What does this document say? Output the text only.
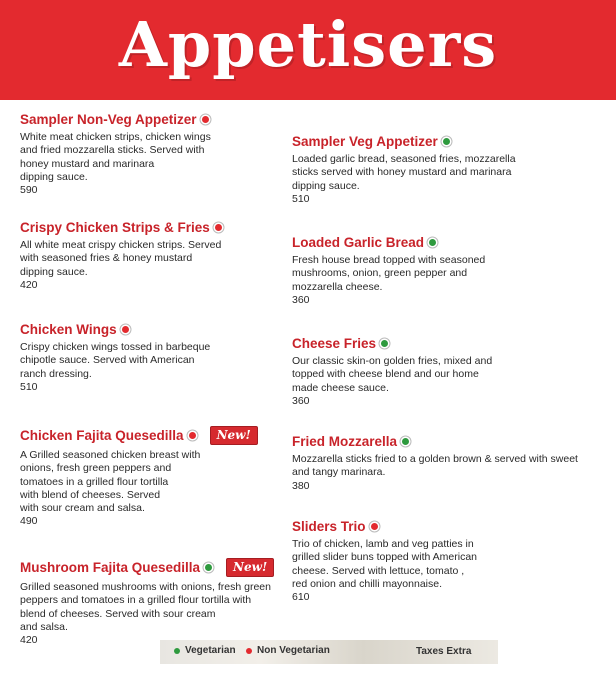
Appetisers
Sampler Non-Veg Appetizer
White meat chicken strips, chicken wings
and fried mozzarella sticks. Served with
honey mustard and marinara
dipping sauce.
590
Crispy Chicken Strips & Fries
All white meat crispy chicken strips. Served
with seasoned fries & honey mustard
dipping sauce.
420
Chicken Wings
Crispy chicken wings tossed in barbeque
chipotle sauce. Served with American
ranch dressing.
510
Chicken Fajita Quesedilla	New!
A Grilled seasoned chicken breast with
onions, fresh green peppers and
tomatoes in a grilled flour tortilla
with blend of cheeses. Served
with sour cream and salsa.
490
Mushroom Fajita Quesedilla	New!
Grilled seasoned mushrooms with onions, fresh green
peppers and tomatoes in a grilled flour tortilla with
blend of cheeses. Served with sour cream
and salsa.
420
Sampler Veg Appetizer
Loaded garlic bread, seasoned fries, mozzarella
sticks served with honey mustard and marinara
dipping sauce.
510
Loaded Garlic Bread
Fresh house bread topped with seasoned
mushrooms, onion, green pepper and
mozzarella cheese.
360
Cheese Fries
Our classic skin-on golden fries, mixed and
topped with cheese blend and our home
made cheese sauce.
360
Fried Mozzarella
Mozzarella sticks fried to a golden brown & served with sweet
and tangy marinara.
380
Sliders Trio
Trio of chicken, lamb and veg patties in
grilled slider buns topped with American
cheese. Served with lettuce, tomato ,
red onion and chilli mayonnaise.
610
Vegetarian Non Vegetarian	Taxes Extra
